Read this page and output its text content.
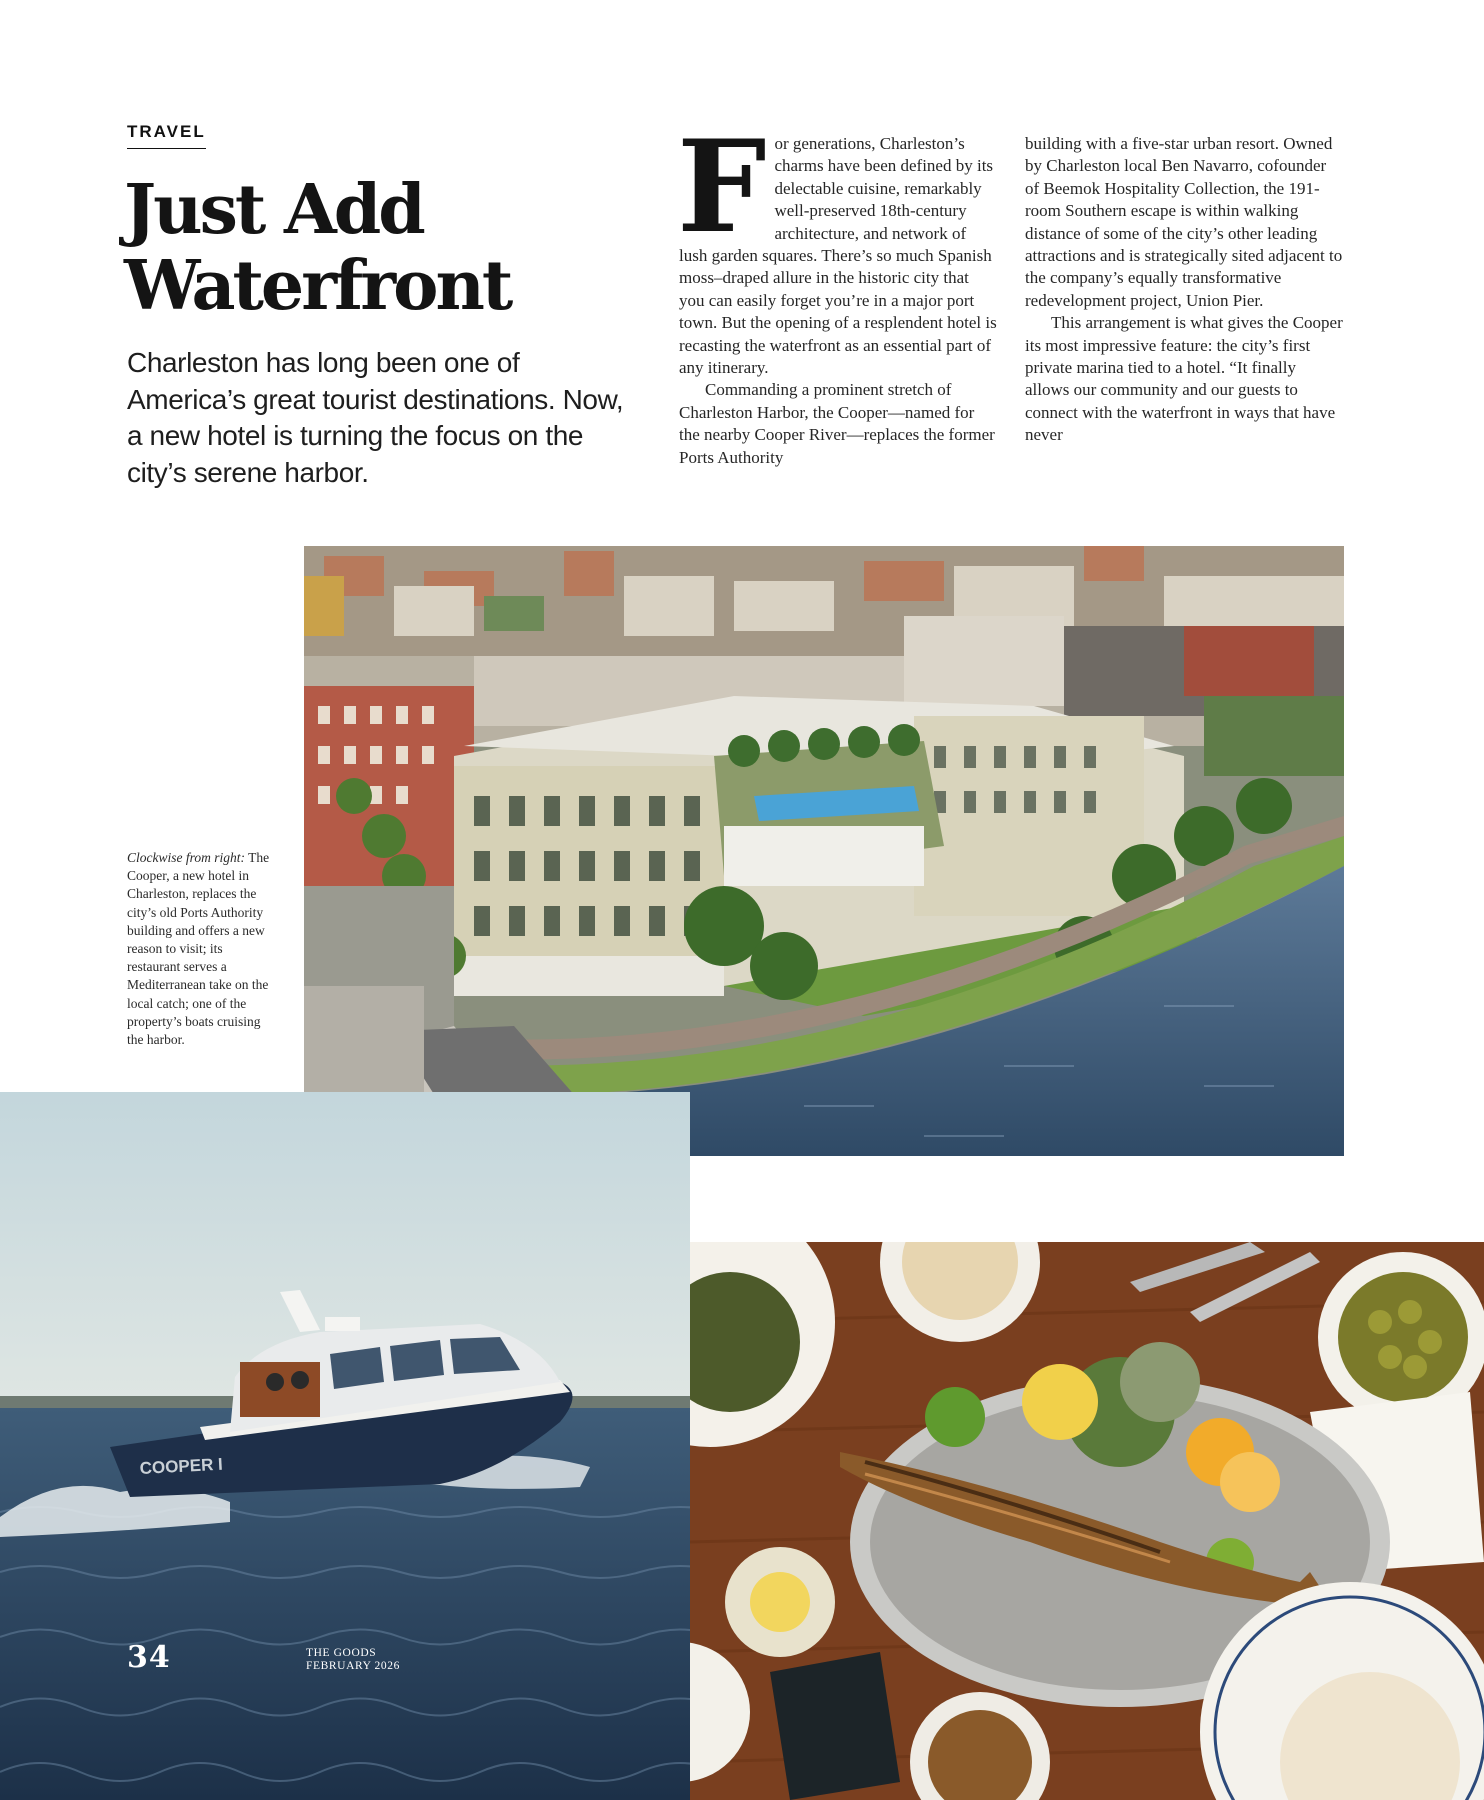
TRAVEL

Just Add
Waterfront

Charleston has long been one of America’s great tourist destinations. Now, a new hotel is turning the focus on the city’s serene harbor.

For generations, Charleston’s charms have been defined by its delectable cuisine, remarkably well-preserved 18th-century architecture, and network of lush garden squares. There’s so much Spanish moss–draped allure in the historic city that you can easily forget you’re in a major port town. But the opening of a resplendent hotel is recasting the waterfront as an essential part of any itinerary.

Commanding a prominent stretch of Charleston Harbor, the Cooper—named for the nearby Cooper River—replaces the former Ports Authority

building with a five-star urban resort. Owned by Charleston local Ben Navarro, cofounder of Beemok Hospitality Collection, the 191-room Southern escape is within walking distance of some of the city’s other leading attractions and is strategically sited adjacent to the company’s equally transformative redevelopment project, Union Pier.

This arrangement is what gives the Cooper its most impressive feature: the city’s first private marina tied to a hotel. “It finally allows our community and our guests to connect with the waterfront in ways that have never

Clockwise from right: The Cooper, a new hotel in Charleston, replaces the city’s old Ports Authority building and offers a new reason to visit; its restaurant serves a Mediterranean take on the local catch; one of the property’s boats cruising the harbor.

COOPER I
34	THE GOODS
FEBRUARY 2026
